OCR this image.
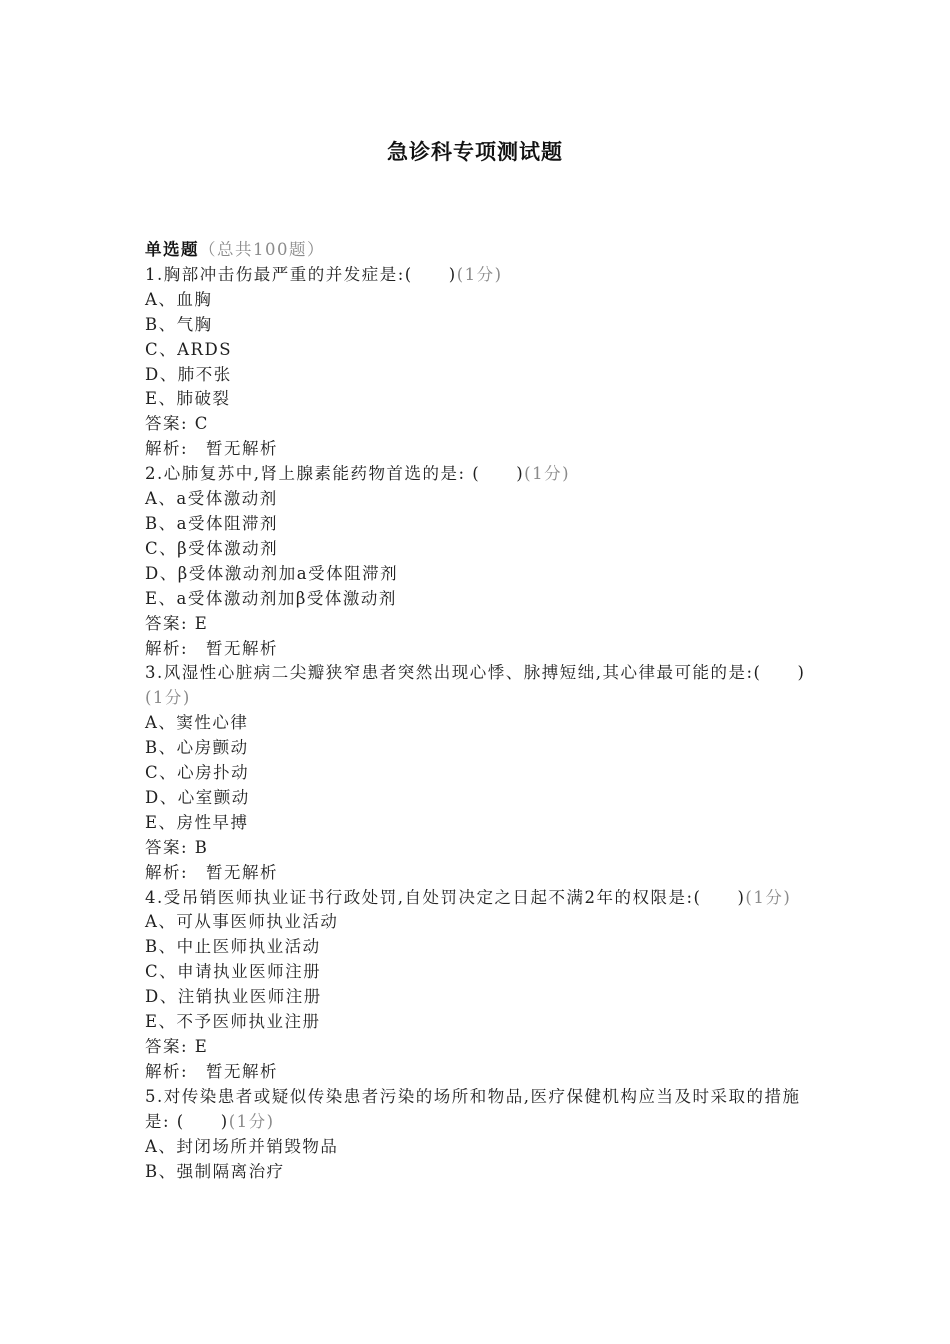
急诊科专项测试题
单选题（总共100题）
1.胸部冲击伤最严重的并发症是:(　　)(1分)
A、血胸
B、气胸
C、ARDS
D、肺不张
E、肺破裂
答案: C
解析:　暂无解析
2.心肺复苏中,肾上腺素能药物首选的是: (　　)(1分)
A、a受体激动剂
B、a受体阻滞剂
C、β受体激动剂
D、β受体激动剂加a受体阻滞剂
E、a受体激动剂加β受体激动剂
答案: E
解析:　暂无解析
3.风湿性心脏病二尖瓣狭窄患者突然出现心悸、脉搏短绌,其心律最可能的是:(　　)(1分)
A、窦性心律
B、心房颤动
C、心房扑动
D、心室颤动
E、房性早搏
答案: B
解析:　暂无解析
4.受吊销医师执业证书行政处罚,自处罚决定之日起不满2年的权限是:(　　)(1分)
A、可从事医师执业活动
B、中止医师执业活动
C、申请执业医师注册
D、注销执业医师注册
E、不予医师执业注册
答案: E
解析:　暂无解析
5.对传染患者或疑似传染患者污染的场所和物品,医疗保健机构应当及时采取的措施是: (　　)(1分)
A、封闭场所并销毁物品
B、强制隔离治疗
